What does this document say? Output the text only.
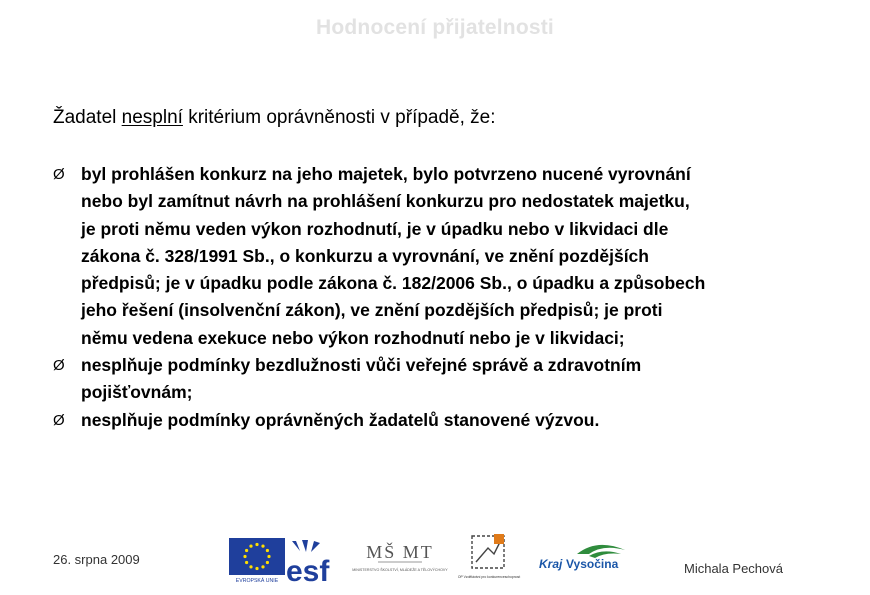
Hodnocení přijatelnosti
Žadatel nesplní kritérium oprávněnosti v případě, že:
Ø byl prohlášen konkurz na jeho majetek, bylo potvrzeno nucené vyrovnání
nebo byl zamítnut návrh na prohlášení konkurzu pro nedostatek majetku,
je proti němu veden výkon rozhodnutí, je v úpadku nebo v likvidaci dle
zákona č. 328/1991 Sb., o konkurzu a vyrovnání, ve znění pozdějších
předpisů; je v úpadku podle zákona č. 182/2006 Sb., o úpadku a způsobech
jeho řešení (insolvenční zákon), ve znění pozdějších předpisů; je proti
němu vedena exekuce nebo výkon rozhodnutí nebo je v likvidaci;
Ø nesplňuje podmínky bezdlužnosti vůči veřejné správě a zdravotním
pojišťovnám;
Ø nesplňuje podmínky oprávněných žadatelů stanovené výzvou.
26. srpna 2009
Michala Pechová
EVROPSKÁ UNIE esf
MŠ MT
MINISTERSTVO ŠKOLSTVÍ, MLÁDEŽE A TĚLOVÝCHOVY
OP Vzdělávání pro konkurenceschopnost
Kraj Vysočina
